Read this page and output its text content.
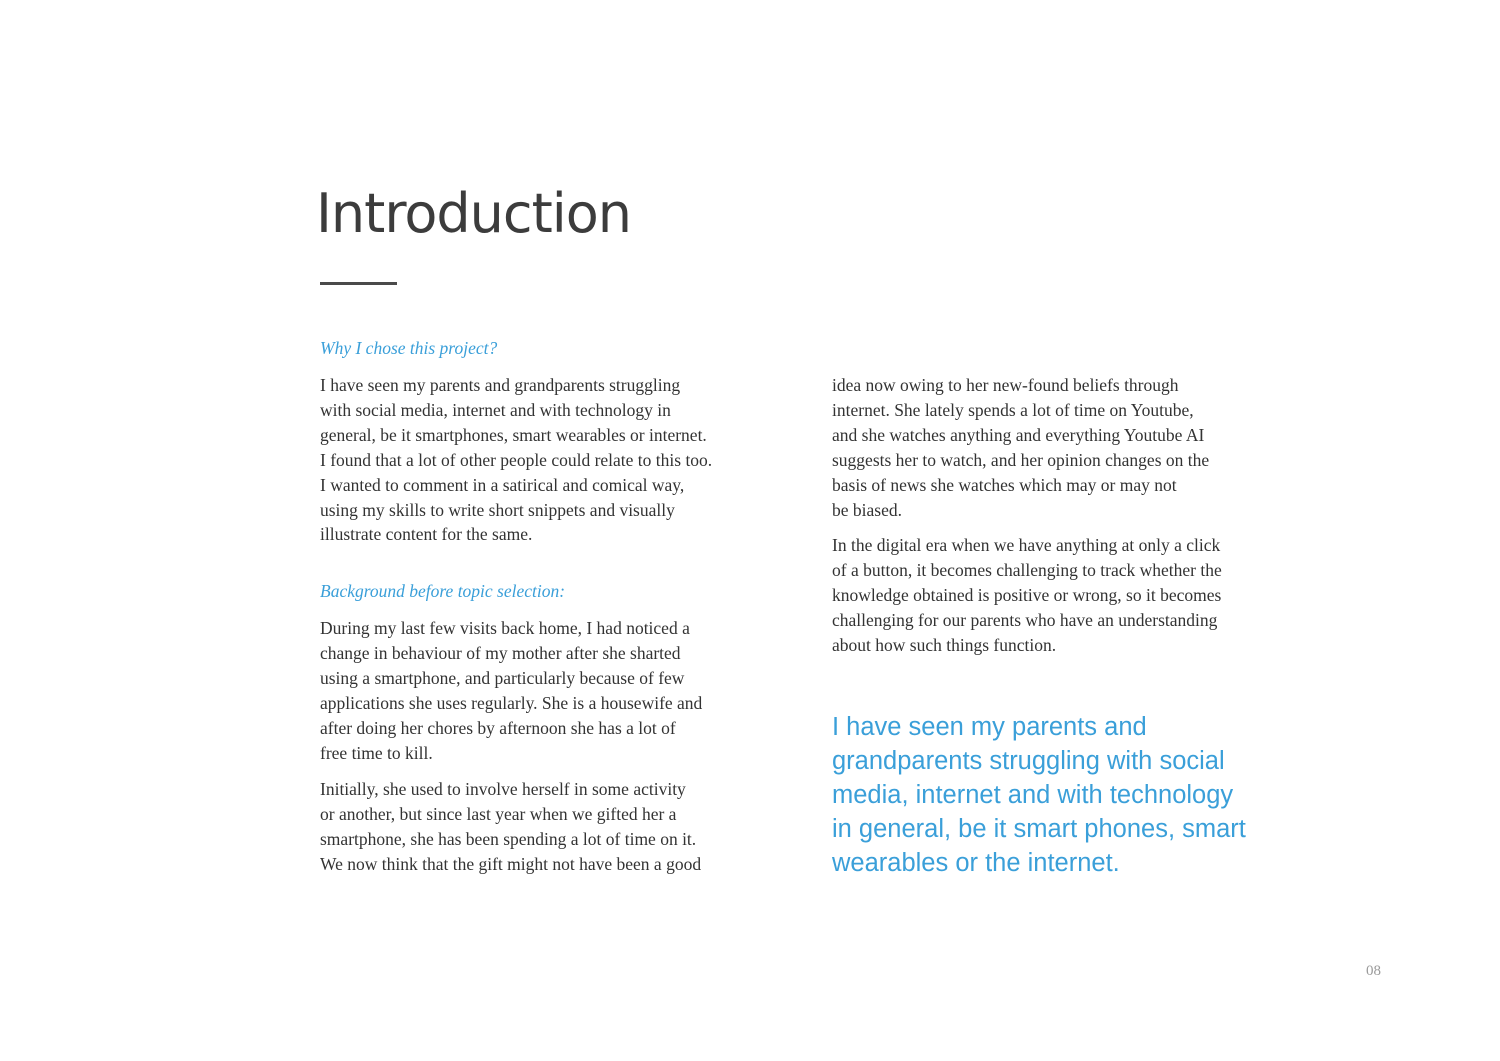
Introduction
Why I chose this project?

I have seen my parents and grandparents struggling
with social media, internet and with technology in
general, be it smartphones, smart wearables or internet.
I found that a lot of other people could relate to this too.
I wanted to comment in a satirical and comical way,
using my skills to write short snippets and visually
illustrate content for the same.

Background before topic selection:

During my last few visits back home, I had noticed a
change in behaviour of my mother after she sharted
using a smartphone, and particularly because of few
applications she uses regularly. She is a housewife and
after doing her chores by afternoon she has a lot of
free time to kill.

Initially, she used to involve herself in some activity
or another, but since last year when we gifted her a
smartphone, she has been spending a lot of time on it.
We now think that the gift might not have been a good

idea now owing to her new-found beliefs through
internet. She lately spends a lot of time on Youtube,
and she watches anything and everything Youtube AI
suggests her to watch, and her opinion changes on the
basis of news she watches which may or may not
be biased.

In the digital era when we have anything at only a click
of a button, it becomes challenging to track whether the
knowledge obtained is positive or wrong, so it becomes
challenging for our parents who have an understanding
about how such things function.

I have seen my parents and
grandparents struggling with social
media, internet and with technology
in general, be it smart phones, smart
wearables or the internet.
08
